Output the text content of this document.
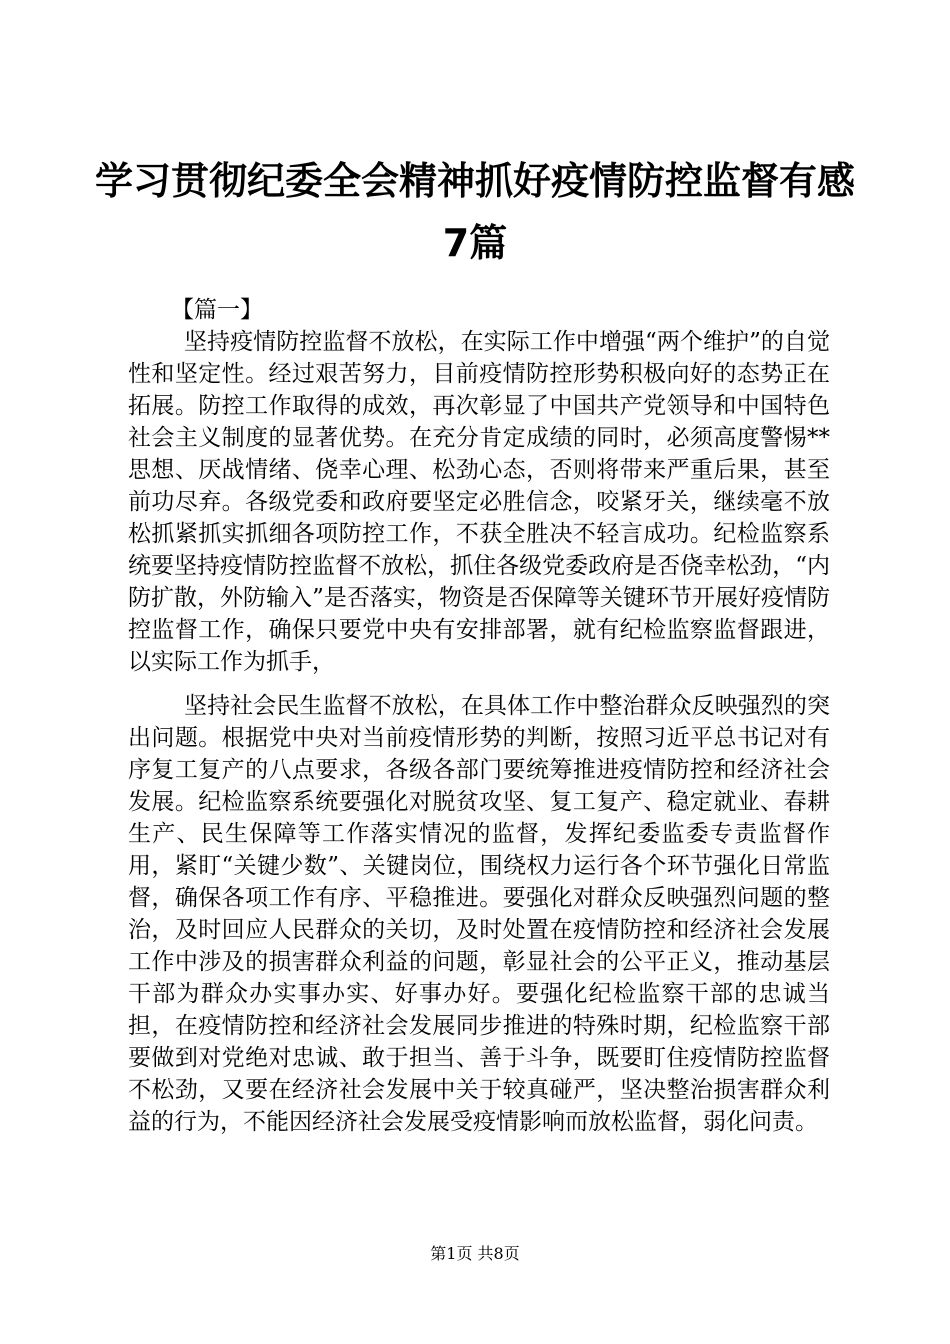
学习贯彻纪委全会精神抓好疫情防控监督有感
7篇
【篇一】

坚持疫情防控监督不放松，在实际工作中增强“两个维护”的自觉性和坚定性。经过艰苦努力，目前疫情防控形势积极向好的态势正在拓展。防控工作取得的成效，再次彰显了中国共产党领导和中国特色社会主义制度的显著优势。在充分肯定成绩的同时，必须高度警惕**思想、厌战情绪、侥幸心理、松劲心态，否则将带来严重后果，甚至前功尽弃。各级党委和政府要坚定必胜信念，咬紧牙关，继续毫不放松抓紧抓实抓细各项防控工作，不获全胜决不轻言成功。纪检监察系统要坚持疫情防控监督不放松，抓住各级党委政府是否侥幸松劲，“内防扩散，外防输入”是否落实，物资是否保障等关键环节开展好疫情防控监督工作，确保只要党中央有安排部署，就有纪检监察监督跟进，以实际工作为抓手，

坚持社会民生监督不放松，在具体工作中整治群众反映强烈的突出问题。根据党中央对当前疫情形势的判断，按照习近平总书记对有序复工复产的八点要求，各级各部门要统筹推进疫情防控和经济社会发展。纪检监察系统要强化对脱贫攻坚、复工复产、稳定就业、春耕生产、民生保障等工作落实情况的监督，发挥纪委监委专责监督作用，紧盯“关键少数”、关键岗位，围绕权力运行各个环节强化日常监督，确保各项工作有序、平稳推进。要强化对群众反映强烈问题的整治，及时回应人民群众的关切，及时处置在疫情防控和经济社会发展工作中涉及的损害群众利益的问题，彰显社会的公平正义，推动基层干部为群众办实事办实、好事办好。要强化纪检监察干部的忠诚当担，在疫情防控和经济社会发展同步推进的特殊时期，纪检监察干部要做到对党绝对忠诚、敢于担当、善于斗争，既要盯住疫情防控监督不松劲，又要在经济社会发展中关于较真碰严，坚决整治损害群众利益的行为，不能因经济社会发展受疫情影响而放松监督，弱化问责。

第1页 共8页
